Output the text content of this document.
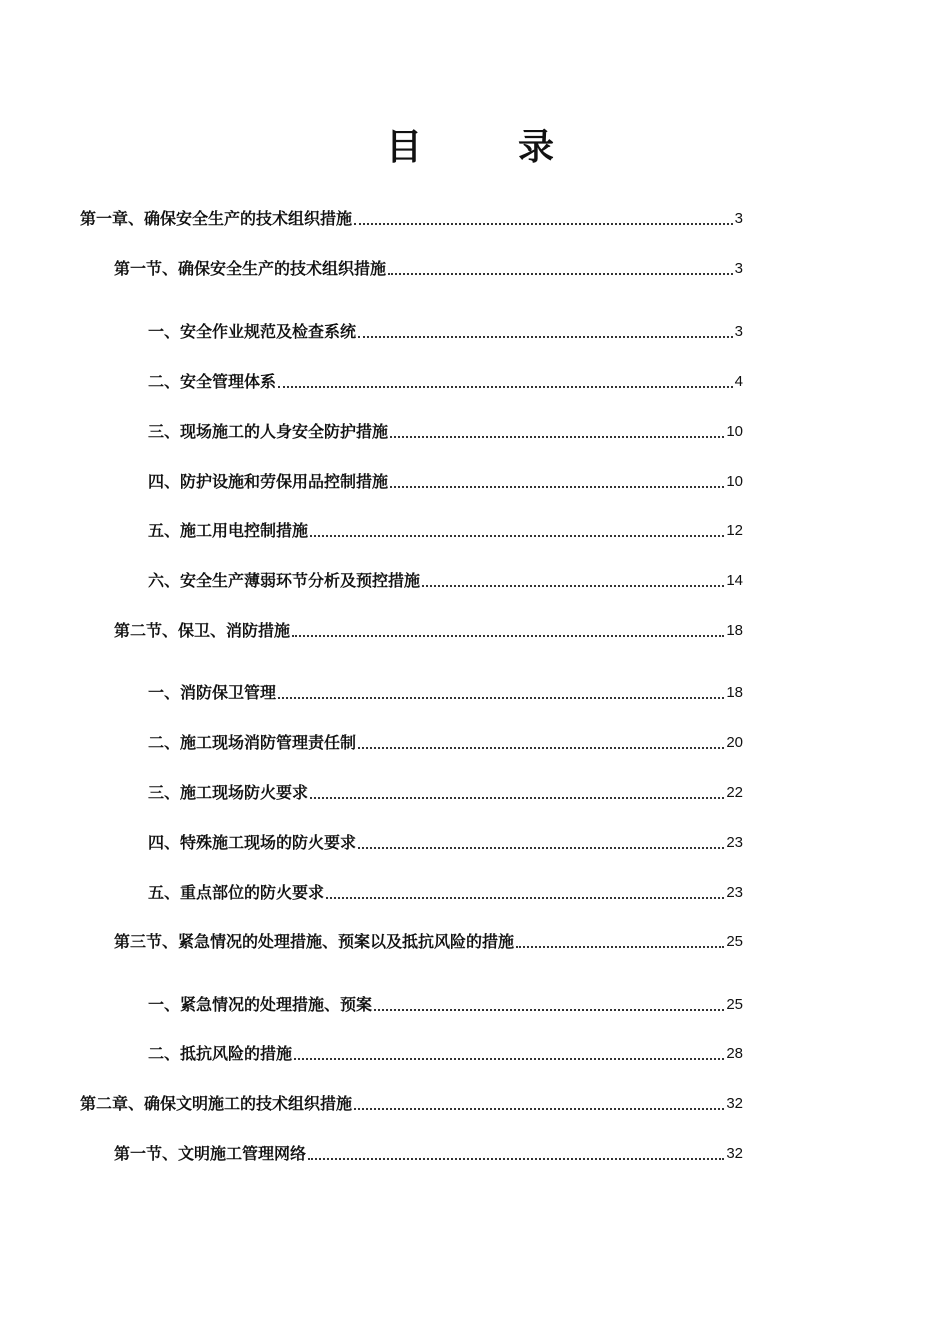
目　录
第一章、确保安全生产的技术组织措施	3
第一节、确保安全生产的技术组织措施	3
一、安全作业规范及检查系统	3
二、安全管理体系	4
三、现场施工的人身安全防护措施	10
四、防护设施和劳保用品控制措施	10
五、施工用电控制措施	12
六、安全生产薄弱环节分析及预控措施	14
第二节、保卫、消防措施	18
一、消防保卫管理	18
二、施工现场消防管理责任制	20
三、施工现场防火要求	22
四、特殊施工现场的防火要求	23
五、重点部位的防火要求	23
第三节、紧急情况的处理措施、预案以及抵抗风险的措施	25
一、紧急情况的处理措施、预案	25
二、抵抗风险的措施	28
第二章、确保文明施工的技术组织措施	32
第一节、文明施工管理网络	32
